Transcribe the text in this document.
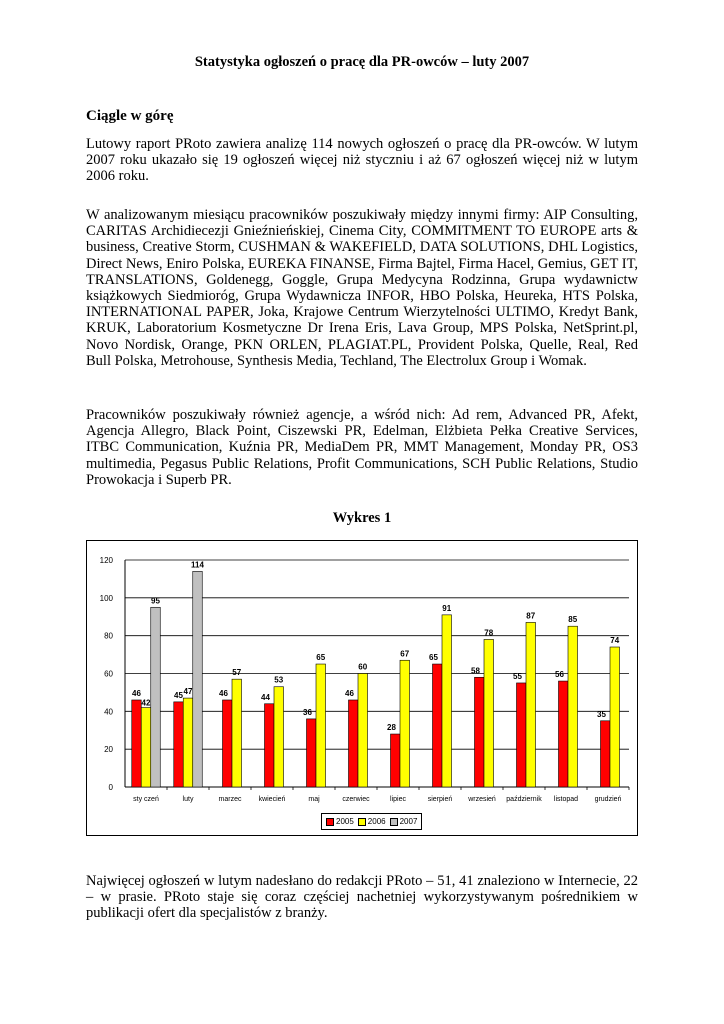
Statystyka ogłoszeń o pracę dla PR-owców – luty 2007
Ciągle w górę

Lutowy raport PRoto zawiera analizę 114 nowych ogłoszeń o pracę dla PR-owców. W lutym 2007 roku ukazało się 19 ogłoszeń więcej niż styczniu i aż 67 ogłoszeń więcej niż w lutym 2006 roku.

W analizowanym miesiącu pracowników poszukiwały między innymi firmy: AIP Consulting, CARITAS Archidiecezji Gnieźnieńskiej, Cinema City, COMMITMENT TO EUROPE arts & business, Creative Storm, CUSHMAN & WAKEFIELD, DATA SOLUTIONS, DHL Logistics, Direct News, Eniro Polska, EUREKA FINANSE, Firma Bajtel, Firma Hacel, Gemius, GET IT, TRANSLATIONS, Goldenegg, Goggle, Grupa Medycyna Rodzinna, Grupa wydawnictw książkowych Siedmioróg, Grupa Wydawnicza INFOR, HBO Polska, Heureka, HTS Polska, INTERNATIONAL PAPER, Joka, Krajowe Centrum Wierzytelności ULTIMO, Kredyt Bank, KRUK, Laboratorium Kosmetyczne Dr Irena Eris, Lava Group, MPS Polska, NetSprint.pl, Novo Nordisk, Orange, PKN ORLEN, PLAGIAT.PL, Provident Polska, Quelle, Real, Red Bull Polska, Metrohouse, Synthesis Media, Techland, The Electrolux Group i Womak.

Pracowników poszukiwały również agencje, a wśród nich: Ad rem, Advanced PR, Afekt, Agencja Allegro, Black Point, Ciszewski PR, Edelman, Elżbieta Pełka Creative Services, ITBC Communication, Kuźnia PR, MediaDem PR, MMT Management, Monday PR, OS3 multimedia, Pegasus Public Relations, Profit Communications, SCH Public Relations, Studio Prowokacja i Superb PR.

Wykres 1
0
20
40
60
80
100
120
46
42
95
sty czeń
45 47
114
luty
46
57
marzec
44
53
kwiecień
36
65
maj
46
60
czerwiec
28
67
lipiec
65
91
sierpień
58
78
wrzesień
55
87
październik
56
85
listopad
35
74
grudzień
2005 2006 2007

Najwięcej ogłoszeń w lutym nadesłano do redakcji PRoto – 51, 41 znaleziono w Internecie, 22 – w prasie. PRoto staje się coraz częściej nachetniej wykorzystywanym pośrednikiem w publikacji ofert dla specjalistów z branży.
